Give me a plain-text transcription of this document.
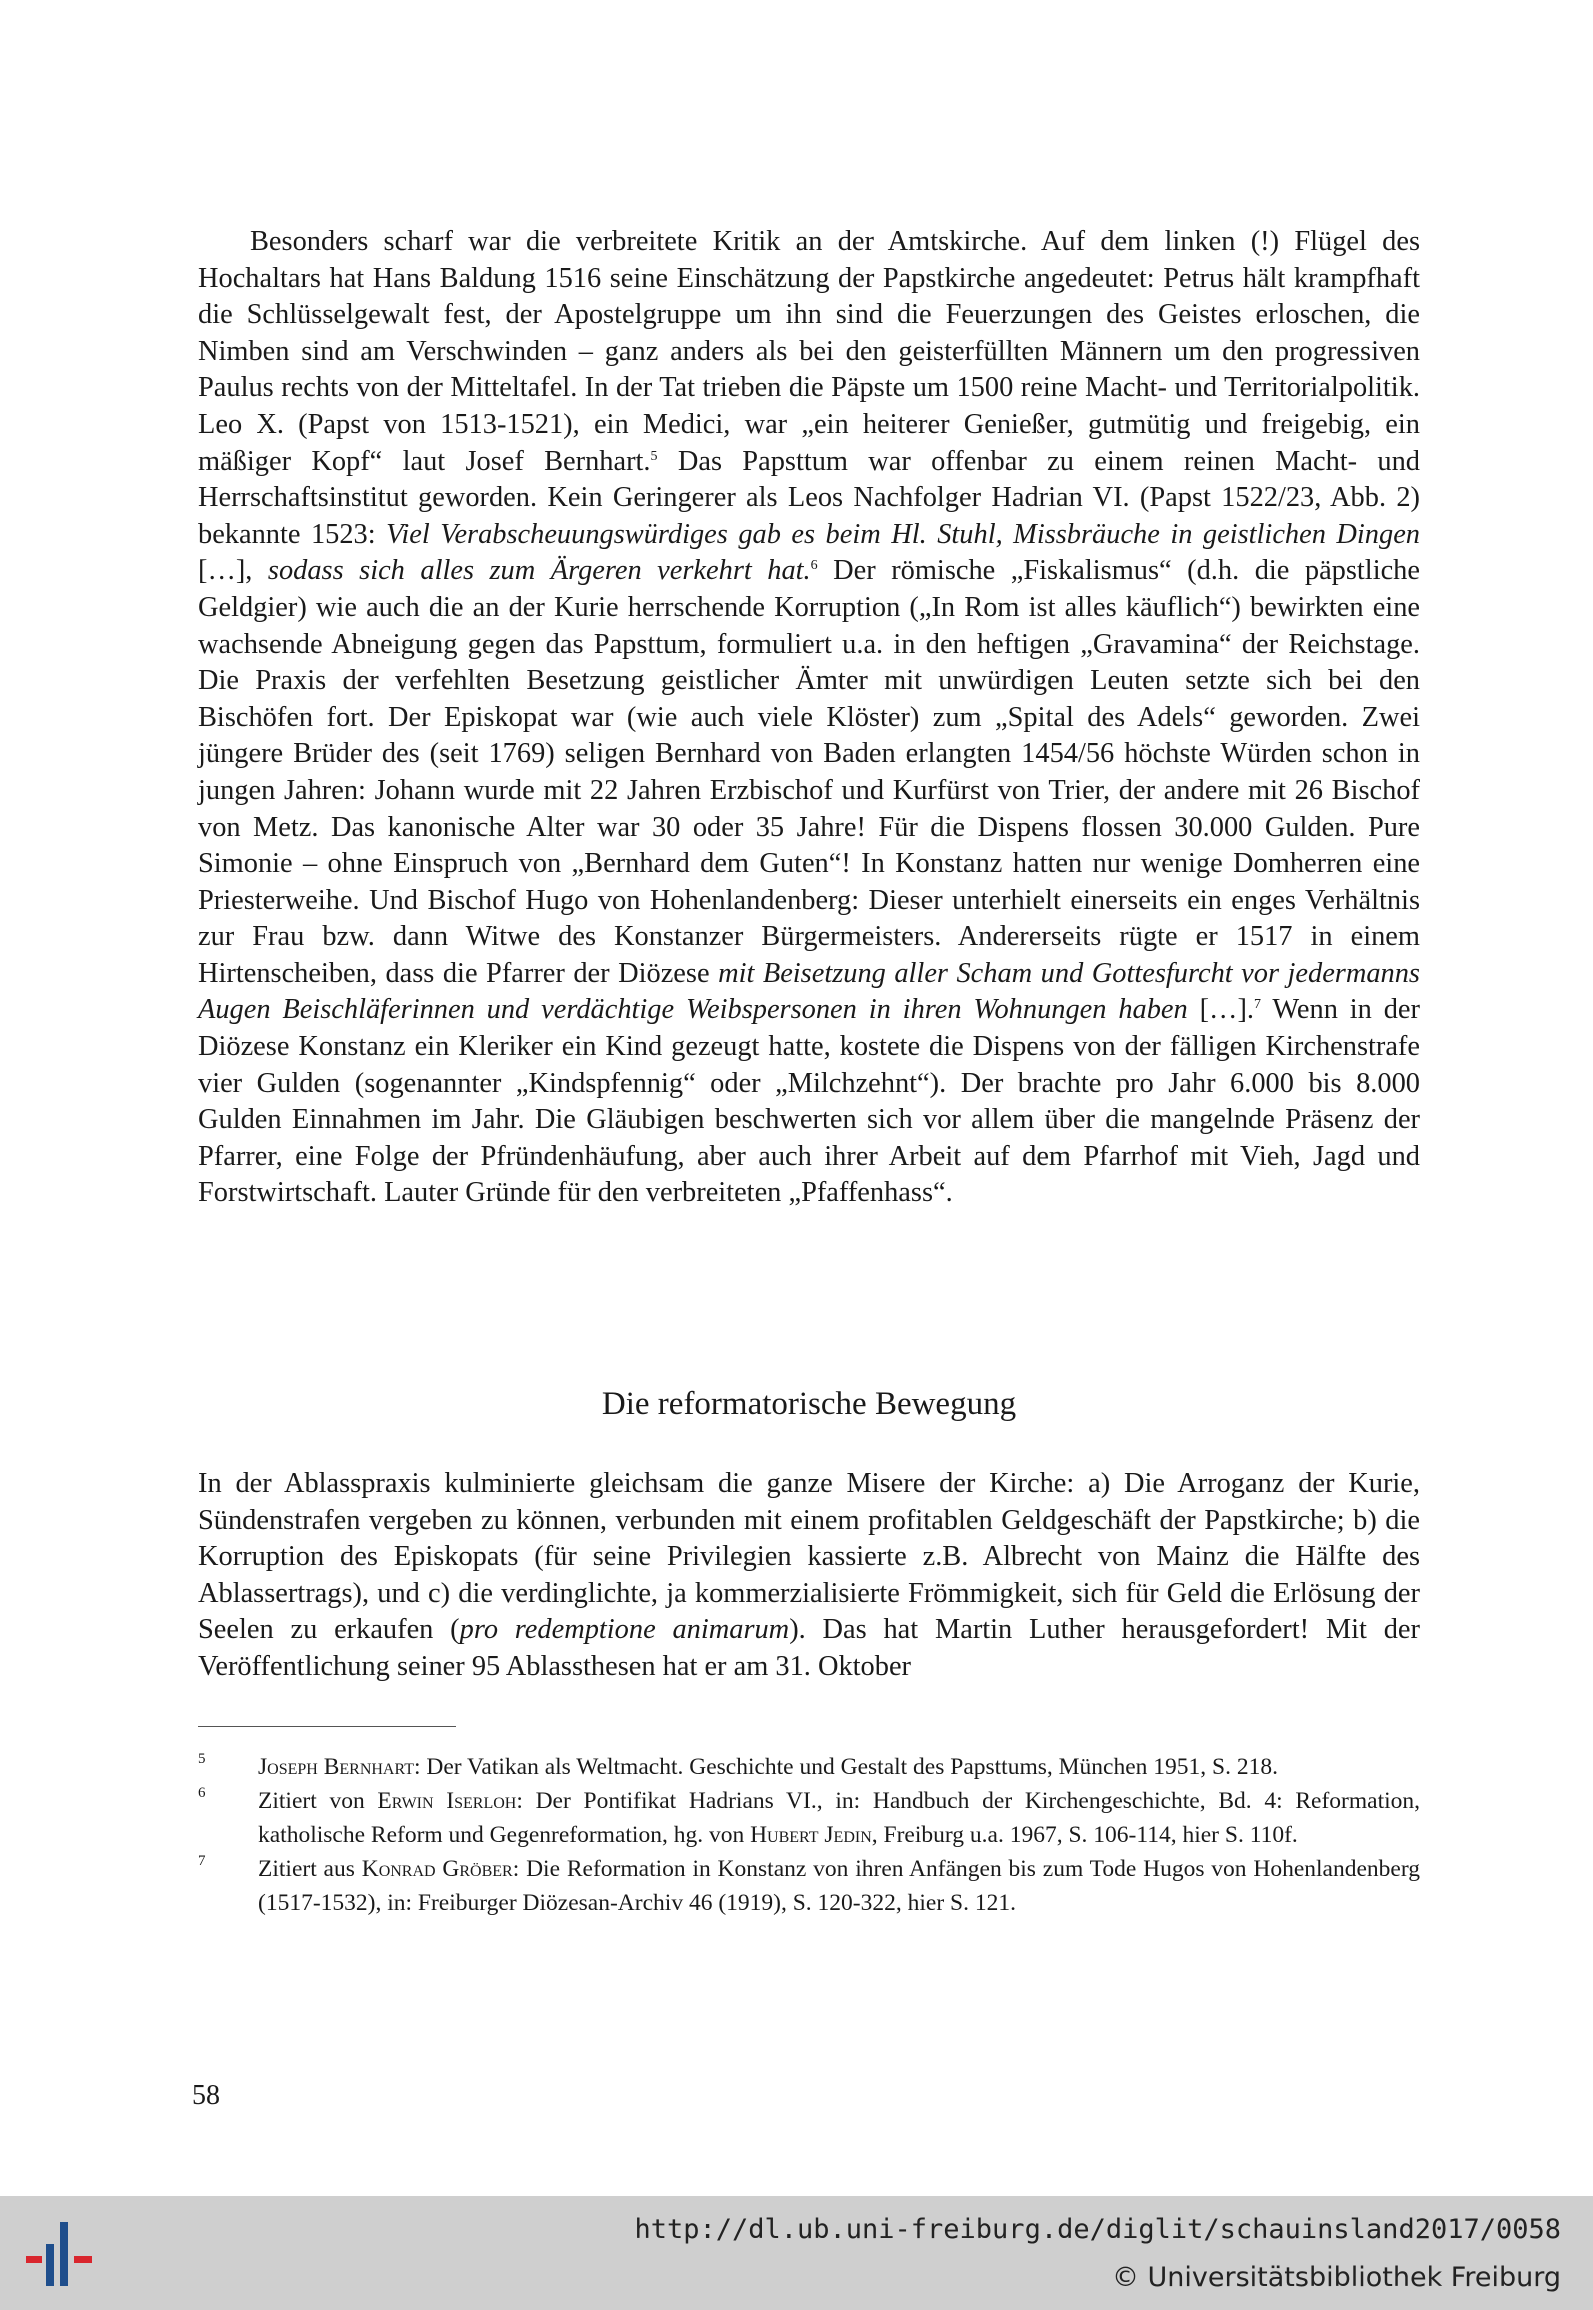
Besonders scharf war die verbreitete Kritik an der Amtskirche. Auf dem linken (!) Flügel des Hochaltars hat Hans Baldung 1516 seine Einschätzung der Papstkirche angedeutet: Petrus hält krampfhaft die Schlüsselgewalt fest, der Apostelgruppe um ihn sind die Feuerzungen des Geistes erloschen, die Nimben sind am Verschwinden – ganz anders als bei den geisterfüllten Männern um den progressiven Paulus rechts von der Mitteltafel. In der Tat trieben die Päpste um 1500 reine Macht- und Territorialpolitik. Leo X. (Papst von 1513-1521), ein Medici, war „ein heiterer Genießer, gutmütig und freigebig, ein mäßiger Kopf“ laut Josef Bernhart.$^5$ Das Papsttum war offenbar zu einem reinen Macht- und Herrschaftsinstitut geworden. Kein Geringerer als Leos Nachfolger Hadrian VI. (Papst 1522/23, Abb. 2) bekannte 1523: Viel Verabscheuungswürdiges gab es beim Hl. Stuhl, Missbräuche in geistlichen Dingen […], sodass sich alles zum Ärgeren verkehrt hat.$^6$ Der römische „Fiskalismus“ (d.h. die päpstliche Geldgier) wie auch die an der Kurie herrschende Korruption („In Rom ist alles käuflich“) bewirkten eine wachsende Abneigung gegen das Papsttum, formuliert u.a. in den heftigen „Gravamina“ der Reichstage. Die Praxis der verfehlten Besetzung geistlicher Ämter mit unwürdigen Leuten setzte sich bei den Bischöfen fort. Der Episkopat war (wie auch viele Klöster) zum „Spital des Adels“ geworden. Zwei jüngere Brüder des (seit 1769) seligen Bernhard von Baden erlangten 1454/56 höchste Würden schon in jungen Jahren: Johann wurde mit 22 Jahren Erzbischof und Kurfürst von Trier, der andere mit 26 Bischof von Metz. Das kanonische Alter war 30 oder 35 Jahre! Für die Dispens flossen 30.000 Gulden. Pure Simonie – ohne Einspruch von „Bernhard dem Guten“! In Konstanz hatten nur wenige Domherren eine Priesterweihe. Und Bischof Hugo von Hohenlandenberg: Dieser unterhielt einerseits ein enges Verhältnis zur Frau bzw. dann Witwe des Konstanzer Bürgermeisters. Andererseits rügte er 1517 in einem Hirtenscheiben, dass die Pfarrer der Diözese mit Beisetzung aller Scham und Gottesfurcht vor jedermanns Augen Beischläferinnen und verdächtige Weibspersonen in ihren Wohnungen haben […].$^7$ Wenn in der Diözese Konstanz ein Kleriker ein Kind gezeugt hatte, kostete die Dispens von der fälligen Kirchenstrafe vier Gulden (sogenannter „Kindspfennig“ oder „Milchzehnt“). Der brachte pro Jahr 6.000 bis 8.000 Gulden Einnahmen im Jahr. Die Gläubigen beschwerten sich vor allem über die mangelnde Präsenz der Pfarrer, eine Folge der Pfründenhäufung, aber auch ihrer Arbeit auf dem Pfarrhof mit Vieh, Jagd und Forstwirtschaft. Lauter Gründe für den verbreiteten „Pfaffenhass“.

Die reformatorische Bewegung

In der Ablasspraxis kulminierte gleichsam die ganze Misere der Kirche: a) Die Arroganz der Kurie, Sündenstrafen vergeben zu können, verbunden mit einem profitablen Geldgeschäft der Papstkirche; b) die Korruption des Episkopats (für seine Privilegien kassierte z.B. Albrecht von Mainz die Hälfte des Ablassertrags), und c) die verdinglichte, ja kommerzialisierte Frömmigkeit, sich für Geld die Erlösung der Seelen zu erkaufen (pro redemptione animarum). Das hat Martin Luther herausgefordert! Mit der Veröffentlichung seiner 95 Ablassthesen hat er am 31. Oktober

5 Joseph Bernhart: Der Vatikan als Weltmacht. Geschichte und Gestalt des Papsttums, München 1951, S. 218.

6 Zitiert von Erwin Iserloh: Der Pontifikat Hadrians VI., in: Handbuch der Kirchengeschichte, Bd. 4: Reformation, katholische Reform und Gegenreformation, hg. von Hubert Jedin, Freiburg u.a. 1967, S. 106-114, hier S. 110f.

7 Zitiert aus Konrad Gröber: Die Reformation in Konstanz von ihren Anfängen bis zum Tode Hugos von Hohenlandenberg (1517-1532), in: Freiburger Diözesan-Archiv 46 (1919), S. 120-322, hier S. 121.

58
http://dl.ub.uni-freiburg.de/diglit/schauinsland2017/0058
© Universitätsbibliothek Freiburg
